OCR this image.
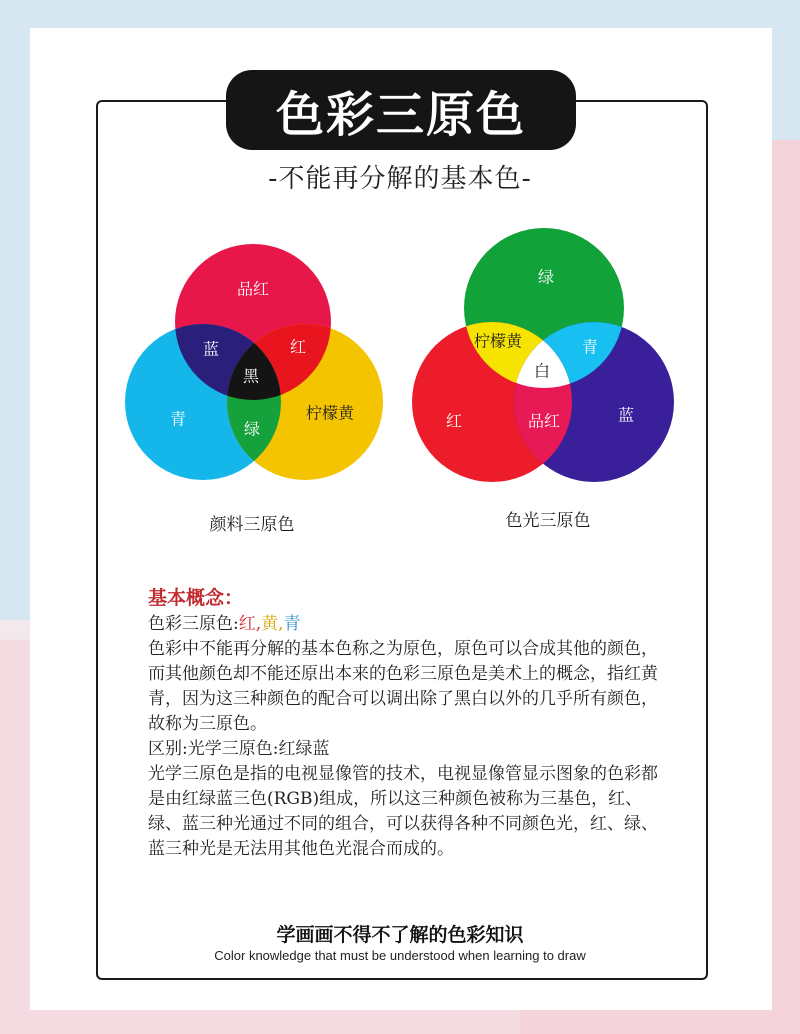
色彩三原色
-不能再分解的基本色-
品红
蓝	红
黑
青	柠檬黄
绿
颜料三原色
绿
柠檬黄	青
白
红	品红	蓝
色光三原色
基本概念：

色彩三原色:红,黄,青

色彩中不能再分解的基本色称之为原色，原色可以合成其他的颜色，而其他颜色却不能还原出本来的色彩三原色是美术上的概念，指红黄青，因为这三种颜色的配合可以调出除了黑白以外的几乎所有颜色，故称为三原色。

区别:光学三原色:红绿蓝

光学三原色是指的电视显像管的技术，电视显像管显示图象的色彩都是由红绿蓝三色(RGB)组成，所以这三种颜色被称为三基色，红、绿、蓝三种光通过不同的组合，可以获得各种不同颜色光，红、绿、蓝三种光是无法用其他色光混合而成的。

学画画不得不了解的色彩知识
Color knowledge that must be understood when learning to draw
